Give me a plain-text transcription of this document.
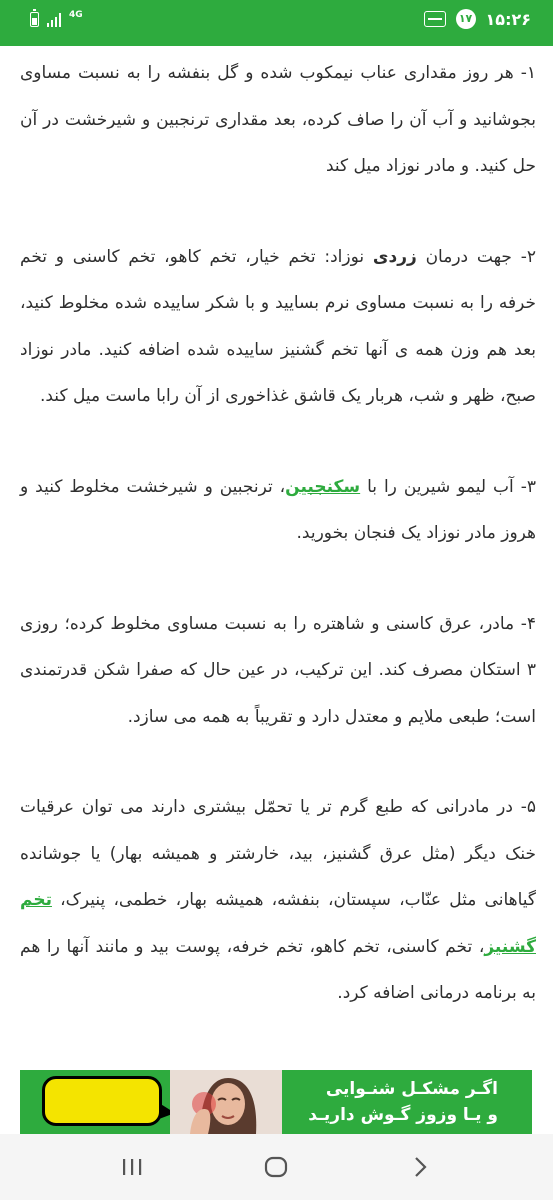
4G	۱۷ ۱۵:۲۶

۱- هر روز مقداری عناب نیمکوب شده و گل بنفشه را به نسبت مساوی بجوشانید و آب آن را صاف کرده، بعد مقداری ترنجبین و شیرخشت در آن حل کنید. و مادر نوزاد میل کند

۲- جهت درمان زردی نوزاد: تخم خیار، تخم کاهو، تخم کاسنی و تخم خرفه را به نسبت مساوی نرم بسایید و با شکر ساییده شده مخلوط کنید، بعد هم وزن همه ی آنها تخم گشنیز ساییده شده اضافه کنید. مادر نوزاد صبح، ظهر و شب، هربار یک قاشق غذاخوری از آن رابا ماست میل کند.

۳- آب لیمو شیرین را با سکنجبین، ترنجبین و شیرخشت مخلوط کنید و هروز مادر نوزاد یک فنجان بخورید.

۴- مادر، عرق کاسنی و شاهتره را به نسبت مساوی مخلوط کرده؛ روزی ۳ استکان مصرف کند. این ترکیب، در عین حال که صفرا شکن قدرتمندی است؛ طبعی ملایم و معتدل دارد و تقریباً به همه می سازد.

۵- در مادرانی که طبع گرم تر یا تحمّل بیشتری دارند می توان عرقیات خنک دیگر (مثل عرق گشنیز، بید، خارشتر و همیشه بهار) یا جوشانده گیاهانی مثل عنّاب، سپستان، بنفشه، همیشه بهار، خطمی، پنیرک، تخم گشنیز، تخم کاسنی، تخم کاهو، تخم خرفه، پوست بید و مانند آنها را هم به برنامه درمانی اضافه کرد.

اگـر مشکـل شنـوایی
و یـا وزوز گـوش داریـد
